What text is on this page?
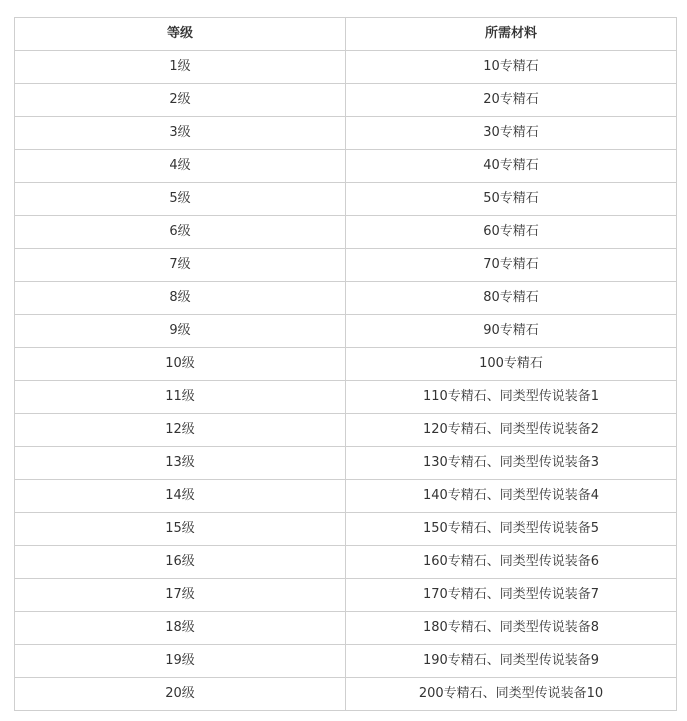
等级	所需材料
1级	10专精石
2级	20专精石
3级	30专精石
4级	40专精石
5级	50专精石
6级	60专精石
7级	70专精石
8级	80专精石
9级	90专精石
10级	100专精石
11级	110专精石、同类型传说装备1
12级	120专精石、同类型传说装备2
13级	130专精石、同类型传说装备3
14级	140专精石、同类型传说装备4
15级	150专精石、同类型传说装备5
16级	160专精石、同类型传说装备6
17级	170专精石、同类型传说装备7
18级	180专精石、同类型传说装备8
19级	190专精石、同类型传说装备9
20级	200专精石、同类型传说装备10
